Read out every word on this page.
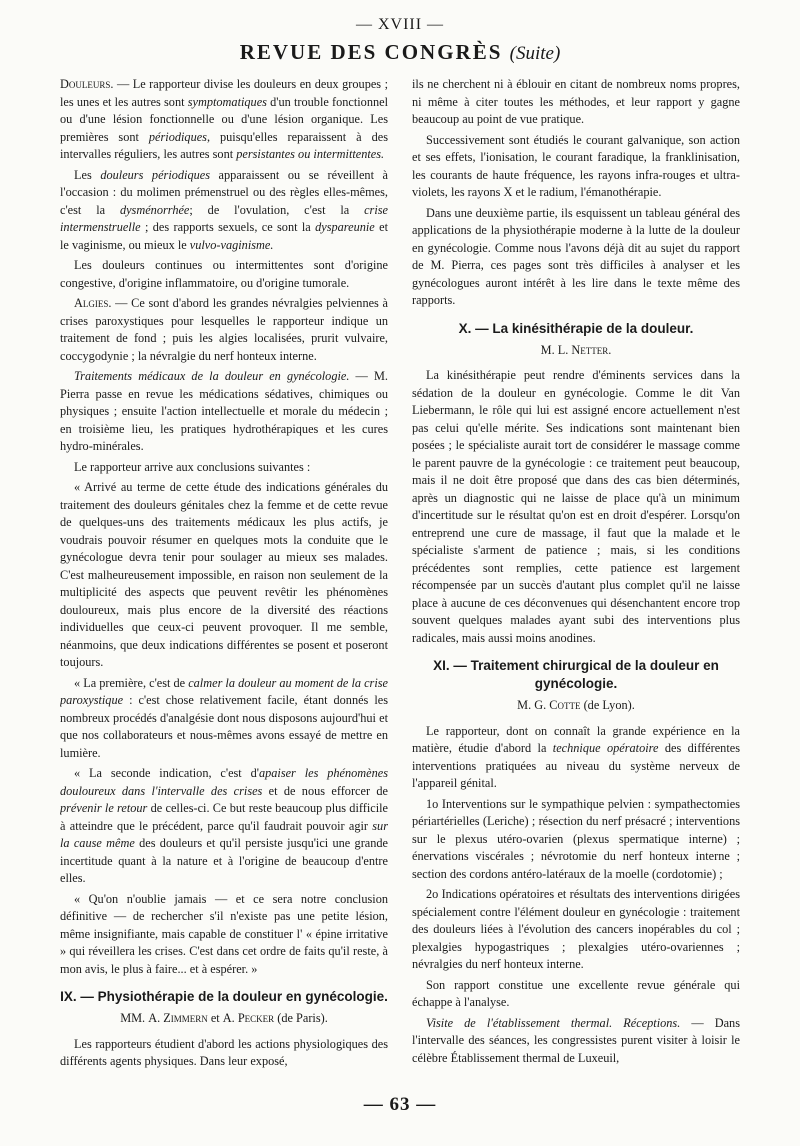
— XVIII —
REVUE DES CONGRÈS (Suite)

Douleurs. — Le rapporteur divise les douleurs en deux groupes ; les unes et les autres sont symptomatiques d'un trouble fonctionnel ou d'une lésion fonctionnelle ou d'une lésion organique. Les premières sont périodiques, puisqu'elles reparaissent à des intervalles réguliers, les autres sont persistantes ou intermittentes.

Les douleurs périodiques apparaissent ou se réveillent à l'occasion : du molimen prémenstruel ou des règles elles-mêmes, c'est la dysménorrhée; de l'ovulation, c'est la crise intermenstruelle ; des rapports sexuels, ce sont la dyspareunie et le vaginisme, ou mieux le vulvo-vaginisme.

Les douleurs continues ou intermittentes sont d'origine congestive, d'origine inflammatoire, ou d'origine tumorale.

Algies. — Ce sont d'abord les grandes névralgies pelviennes à crises paroxystiques pour lesquelles le rapporteur indique un traitement de fond ; puis les algies localisées, prurit vulvaire, coccygodynie ; la névralgie du nerf honteux interne.

Traitements médicaux de la douleur en gynécologie. — M. Pierra passe en revue les médications sédatives, chimiques ou physiques ; ensuite l'action intellectuelle et morale du médecin ; en troisième lieu, les pratiques hydrothérapiques et les cures hydro-minérales.

Le rapporteur arrive aux conclusions suivantes :

« Arrivé au terme de cette étude des indications générales du traitement des douleurs génitales chez la femme et de cette revue de quelques-uns des traitements médicaux les plus actifs, je voudrais pouvoir résumer en quelques mots la conduite que le gynécologue devra tenir pour soulager au mieux ses malades. C'est malheureusement impossible, en raison non seulement de la multiplicité des aspects que peuvent revêtir les phénomènes douloureux, mais plus encore de la diversité des réactions individuelles que ceux-ci peuvent provoquer. Il me semble, néanmoins, que deux indications différentes se posent et poseront toujours.

« La première, c'est de calmer la douleur au moment de la crise paroxystique : c'est chose relativement facile, étant donnés les nombreux procédés d'analgésie dont nous disposons aujourd'hui et que nos collaborateurs et nous-mêmes avons essayé de mettre en lumière.

« La seconde indication, c'est d'apaiser les phénomènes douloureux dans l'intervalle des crises et de nous efforcer de prévenir le retour de celles-ci. Ce but reste beaucoup plus difficile à atteindre que le précédent, parce qu'il faudrait pouvoir agir sur la cause même des douleurs et qu'il persiste jusqu'ici une grande incertitude quant à la nature et à l'origine de beaucoup d'entre elles.

« Qu'on n'oublie jamais — et ce sera notre conclusion définitive — de rechercher s'il n'existe pas une petite lésion, même insignifiante, mais capable de constituer l' « épine irritative » qui réveillera les crises. C'est dans cet ordre de faits qu'il reste, à mon avis, le plus à faire... et à espérer. »

IX. — Physiothérapie de la douleur en gynécologie.

MM. A. Zimmern et A. Pecker (de Paris).

Les rapporteurs étudient d'abord les actions physiologiques des différents agents physiques. Dans leur exposé,

ils ne cherchent ni à éblouir en citant de nombreux noms propres, ni même à citer toutes les méthodes, et leur rapport y gagne beaucoup au point de vue pratique.

Successivement sont étudiés le courant galvanique, son action et ses effets, l'ionisation, le courant faradique, la franklinisation, les courants de haute fréquence, les rayons infra-rouges et ultra-violets, les rayons X et le radium, l'émanothérapie.

Dans une deuxième partie, ils esquissent un tableau général des applications de la physiothérapie moderne à la lutte de la douleur en gynécologie. Comme nous l'avons déjà dit au sujet du rapport de M. Pierra, ces pages sont très difficiles à analyser et les gynécologues auront intérêt à les lire dans le texte même des rapports.

X. — La kinésithérapie de la douleur.

M. L. Netter.

La kinésithérapie peut rendre d'éminents services dans la sédation de la douleur en gynécologie. Comme le dit Van Liebermann, le rôle qui lui est assigné encore actuellement n'est pas celui qu'elle mérite. Ses indications sont maintenant bien posées ; le spécialiste aurait tort de considérer le massage comme le parent pauvre de la gynécologie : ce traitement peut beaucoup, mais il ne doit être proposé que dans des cas bien déterminés, après un diagnostic qui ne laisse de place qu'à un minimum d'incertitude sur le résultat qu'on est en droit d'espérer. Lorsqu'on entreprend une cure de massage, il faut que la malade et le spécialiste s'arment de patience ; mais, si les conditions précédentes sont remplies, cette patience est largement récompensée par un succès d'autant plus complet qu'il ne laisse place à aucune de ces déconvenues qui désenchantent encore trop souvent quelques malades ayant subi des interventions plus radicales, mais aussi moins anodines.

XI. — Traitement chirurgical de la douleur en gynécologie.

M. G. Cotte (de Lyon).

Le rapporteur, dont on connaît la grande expérience en la matière, étudie d'abord la technique opératoire des différentes interventions pratiquées au niveau du système nerveux de l'appareil génital.

1o Interventions sur le sympathique pelvien : sympathectomies périartérielles (Leriche) ; résection du nerf présacré ; interventions sur le plexus utéro-ovarien (plexus spermatique interne) ; énervations viscérales ; névrotomie du nerf honteux interne ; section des cordons antéro-latéraux de la moelle (cordotomie) ;

2o Indications opératoires et résultats des interventions dirigées spécialement contre l'élément douleur en gynécologie : traitement des douleurs liées à l'évolution des cancers inopérables du col ; plexalgies hypogastriques ; plexalgies utéro-ovariennes ; névralgies du nerf honteux interne.

Son rapport constitue une excellente revue générale qui échappe à l'analyse.

Visite de l'établissement thermal. Réceptions. — Dans l'intervalle des séances, les congressistes purent visiter à loisir le célèbre Établissement thermal de Luxeuil,

— 63 —
